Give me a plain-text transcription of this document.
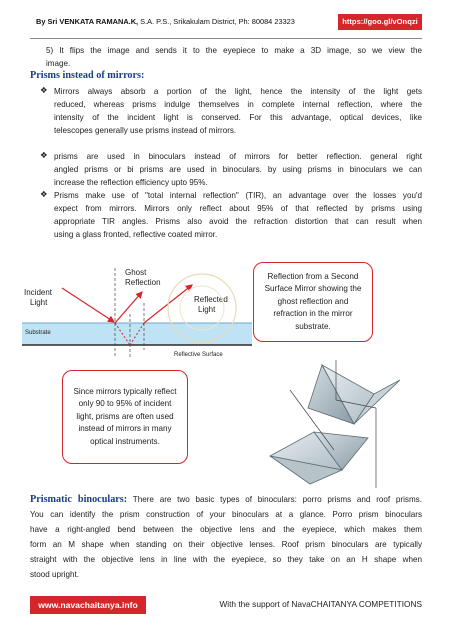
By Sri VENKATA RAMANA.K, S.A. P.S., Srikakulam District, Ph: 80084 23323	https://goo.gl/vOnqzi
5) It flips the image and sends it to the eyepiece to make a 3D image, so we view the
image.
Prisms instead of mirrors:
❖ Mirrors always absorb a portion of the light, hence the intensity of the light gets
reduced, whereas prisms indulge themselves in complete internal reflection, where the
intensity of the incident light is conserved. For this advantage, optical devices, like
telescopes generally use prisms instead of mirrors.
❖ prisms are used in binoculars instead of mirrors for better reflection. general right
angled prisms or bi prisms are used in binoculars. by using prisms in binoculars we can
increase the reflection efficiency upto 95%.
❖ Prisms make use of "total internal reflection" (TIR), an advantage over the losses you'd
expect from mirrors. Mirrors only reflect about 95% of that reflected by prisms using
appropriate TIR angles. Prisms also avoid the refraction distortion that can result when
using a glass fronted, reflective coated mirror.
Incident
Light
Ghost
Reflection
Reflected
Light
Substrate
Reflective Surface
Reflection from a Second Surface Mirror showing the ghost reflection and refraction in the mirror substrate.
Since mirrors typically reflect only 90 to 95% of incident light, prisms are often used instead of mirrors in many optical instruments.
Prismatic binoculars: There are two basic types of binoculars: porro prisms and roof prisms.
You can identify the prism construction of your binoculars at a glance. Porro prism binoculars
have a right-angled bend between the objective lens and the eyepiece, which makes them
form an M shape when standing on their objective lenses. Roof prism binoculars are typically
straight with the objective lens in line with the eyepiece, so they take on an H shape when
stood upright.
www.navachaitanya.info	With the support of NavaCHAITANYA COMPETITIONS
